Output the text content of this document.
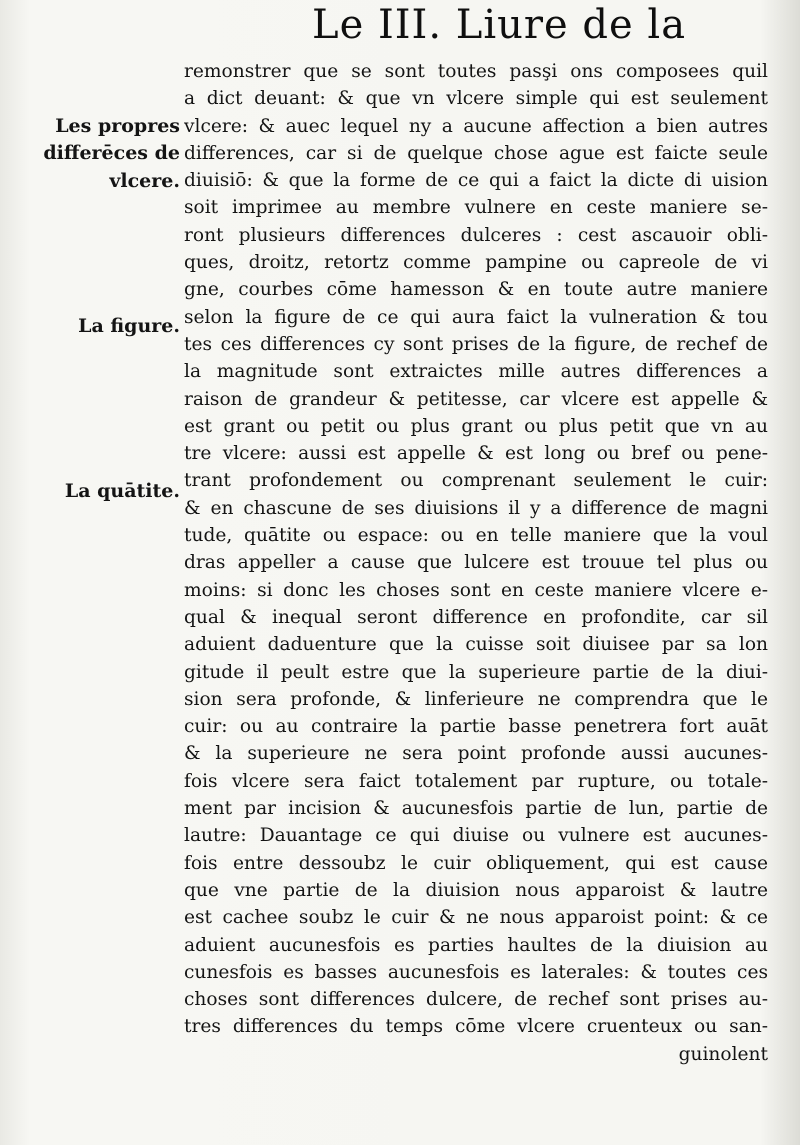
Le III. Liure de la
Les propres
differēces de
vlcere.
La figure.
La quātite.
remonstrer que se sont toutes pasşi ons composees quil
a dict deuant: & que vn vlcere simple qui est seulement
vlcere: & auec lequel ny a aucune affection a bien autres
differences, car si de quelque chose ague est faicte seule
diuisiō: & que la forme de ce qui a faict la dicte di uision
soit imprimee au membre vulnere en ceste maniere se-
ront plusieurs differences dulceres : cest ascauoir obli-
ques, droitz, retortz comme pampine ou capreole de vi
gne, courbes cōme hamesson & en toute autre maniere
selon la figure de ce qui aura faict la vulneration & tou
tes ces differences cy sont prises de la figure, de rechef de
la magnitude sont extraictes mille autres differences a
raison de grandeur & petitesse, car vlcere est appelle &
est grant ou petit ou plus grant ou plus petit que vn au
tre vlcere: aussi est appelle & est long ou bref ou pene-
trant profondement ou comprenant seulement le cuir:
& en chascune de ses diuisions il y a difference de magni
tude, quātite ou espace: ou en telle maniere que la voul
dras appeller a cause que lulcere est trouue tel plus ou
moins: si donc les choses sont en ceste maniere vlcere e-
qual & inequal seront difference en profondite, car sil
aduient daduenture que la cuisse soit diuisee par sa lon
gitude il peult estre que la superieure partie de la diui-
sion sera profonde, & linferieure ne comprendra que le
cuir: ou au contraire la partie basse penetrera fort auāt
& la superieure ne sera point profonde aussi aucunes-
fois vlcere sera faict totalement par rupture, ou totale-
ment par incision & aucunesfois partie de lun, partie de
lautre: Dauantage ce qui diuise ou vulnere est aucunes-
fois entre dessoubz le cuir obliquement, qui est cause
que vne partie de la diuision nous apparoist & lautre
est cachee soubz le cuir & ne nous apparoist point: & ce
aduient aucunesfois es parties haultes de la diuision au
cunesfois es basses aucunesfois es laterales: & toutes ces
choses sont differences dulcere, de rechef sont prises au-
tres differences du temps cōme vlcere cruenteux ou san-
guinolent
